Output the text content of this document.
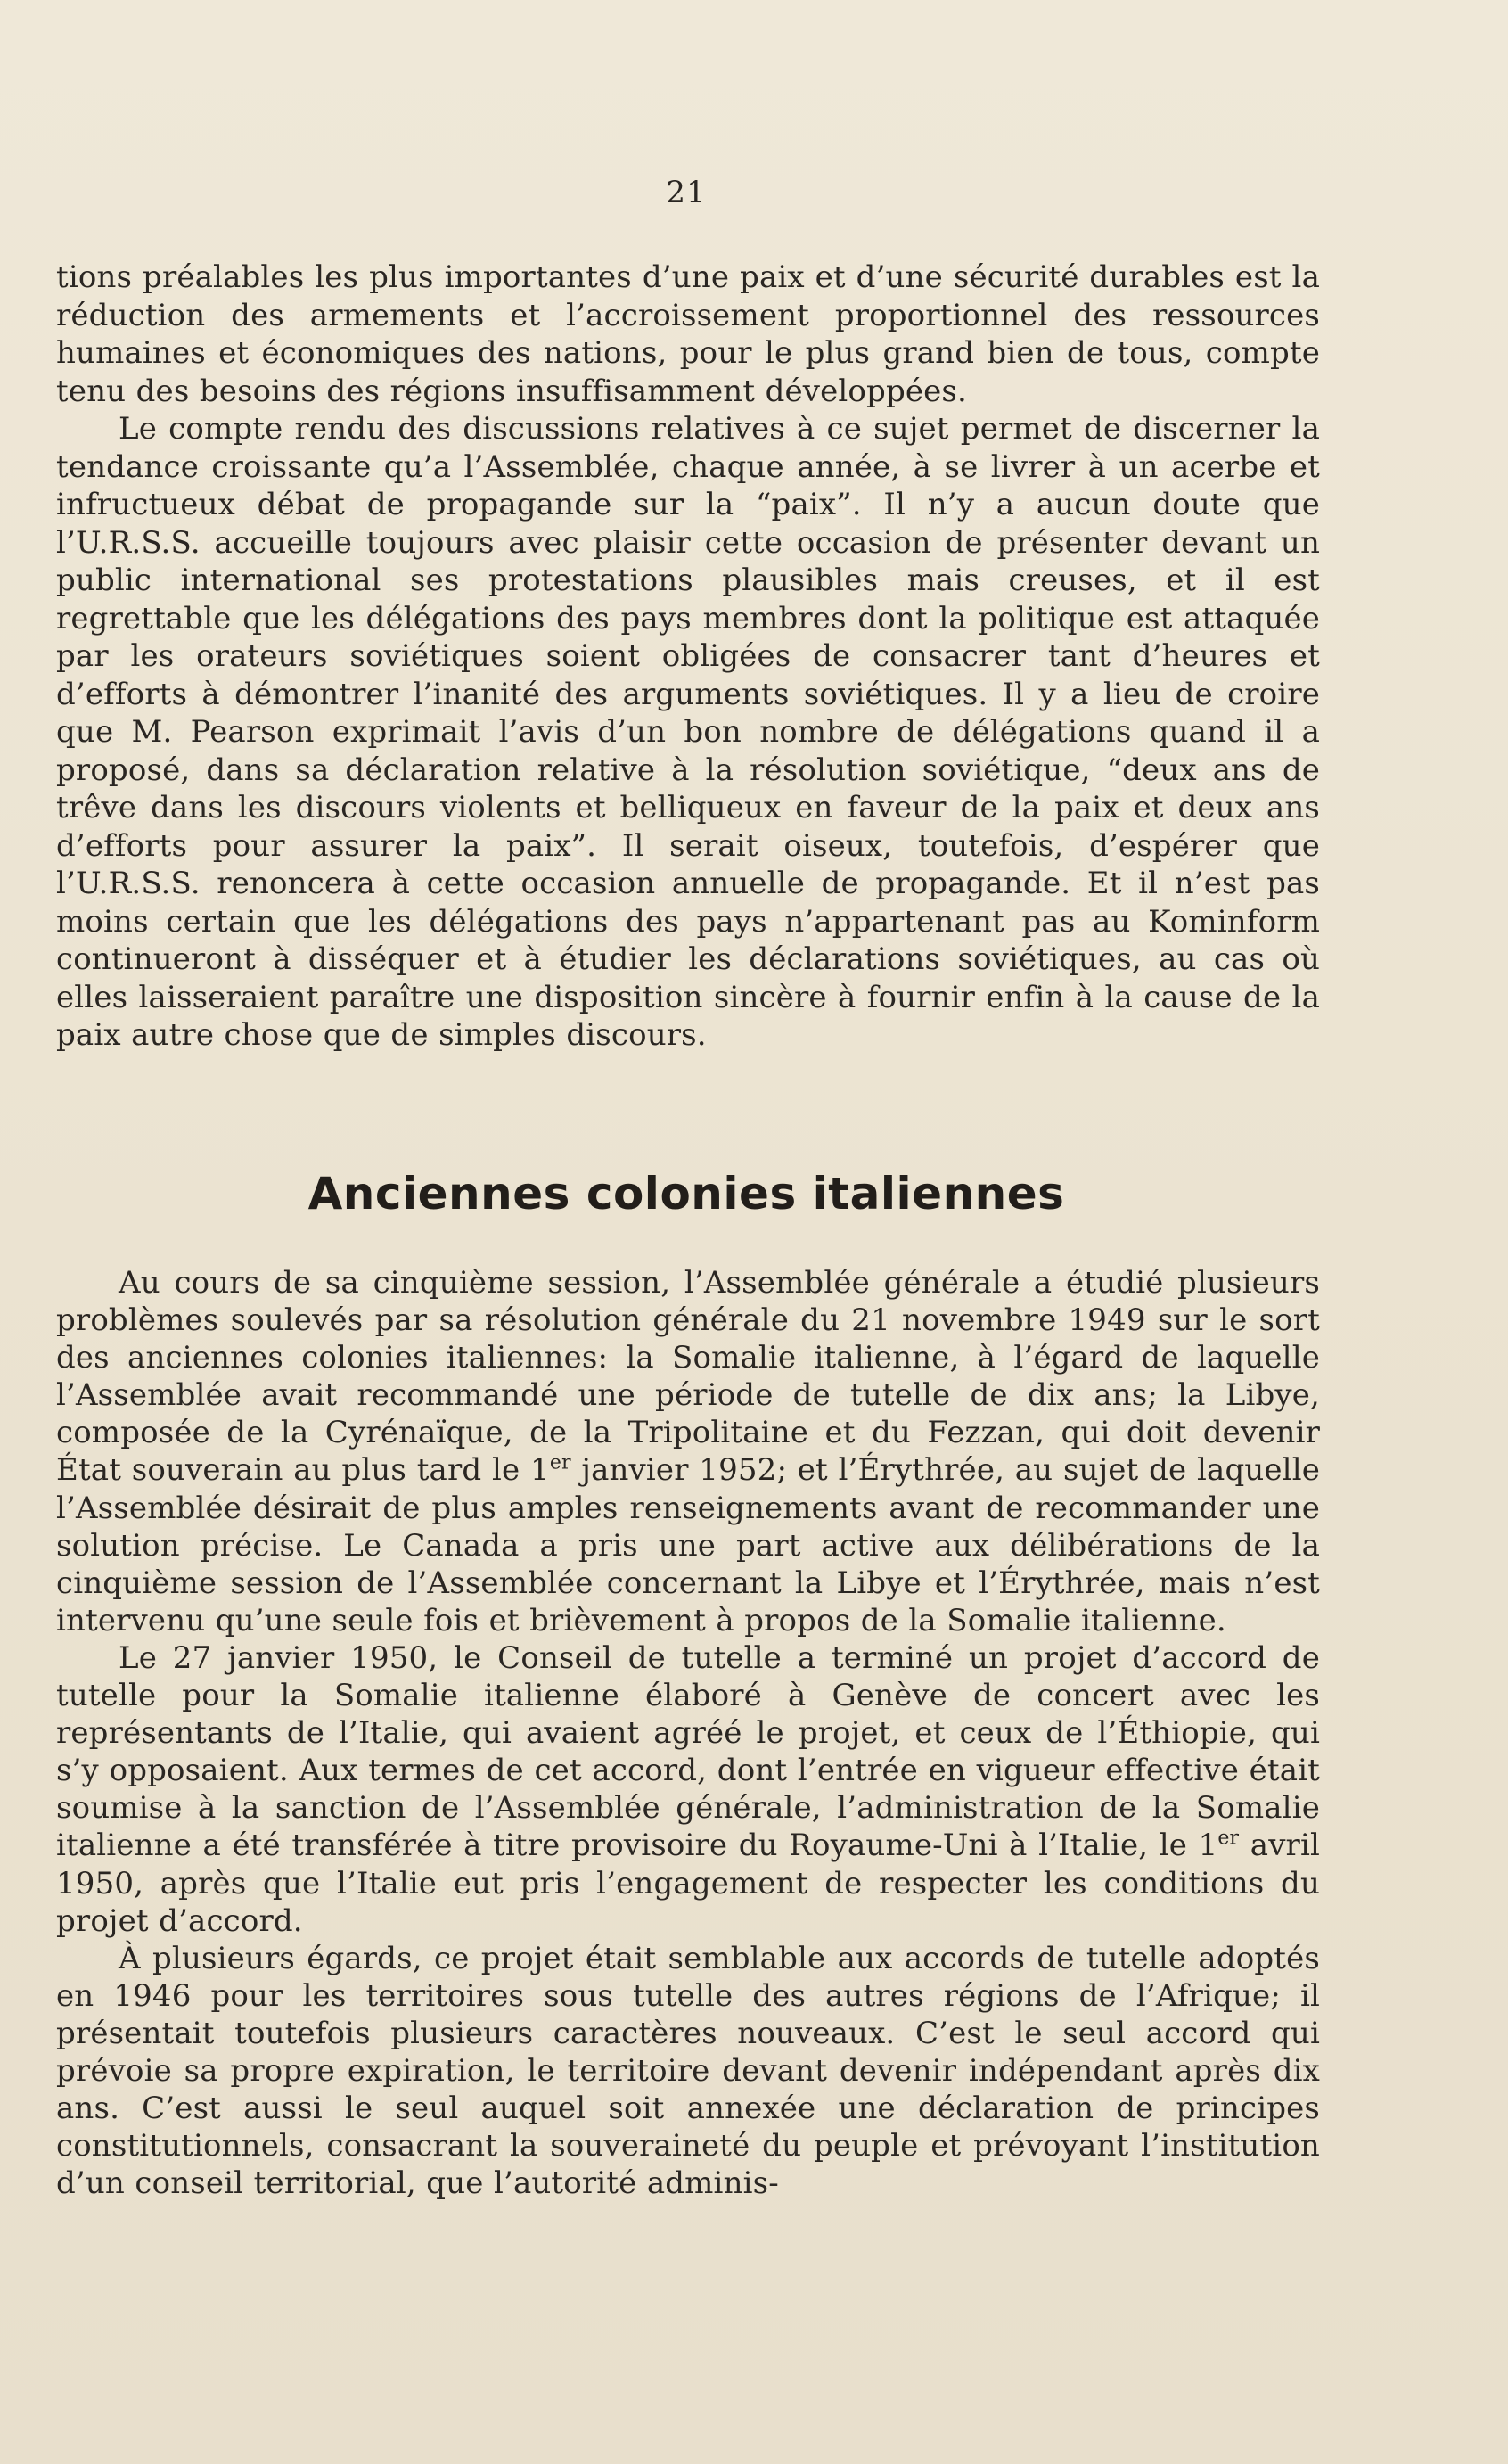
21

tions préalables les plus importantes d’une paix et d’une sécurité durables est la réduction des armements et l’accroissement proportionnel des ressources humaines et économiques des nations, pour le plus grand bien de tous, compte tenu des besoins des régions insuffisamment développées.

Le compte rendu des discussions relatives à ce sujet permet de discerner la tendance croissante qu’a l’Assemblée, chaque année, à se livrer à un acerbe et infructueux débat de propagande sur la “paix”. Il n’y a aucun doute que l’U.R.S.S. accueille toujours avec plaisir cette occasion de présenter devant un public international ses protestations plausibles mais creuses, et il est regrettable que les délégations des pays membres dont la politique est attaquée par les orateurs soviétiques soient obligées de consacrer tant d’heures et d’efforts à démontrer l’inanité des arguments soviétiques. Il y a lieu de croire que M. Pearson exprimait l’avis d’un bon nombre de délégations quand il a proposé, dans sa déclaration relative à la résolution soviétique, “deux ans de trêve dans les discours violents et belliqueux en faveur de la paix et deux ans d’efforts pour assurer la paix”. Il serait oiseux, toutefois, d’espérer que l’U.R.S.S. renoncera à cette occasion annuelle de propagande. Et il n’est pas moins certain que les délégations des pays n’appartenant pas au Kominform continueront à disséquer et à étudier les déclarations soviétiques, au cas où elles laisseraient paraître une disposition sincère à fournir enfin à la cause de la paix autre chose que de simples discours.

Anciennes colonies italiennes

Au cours de sa cinquième session, l’Assemblée générale a étudié plusieurs problèmes soulevés par sa résolution générale du 21 novembre 1949 sur le sort des anciennes colonies italiennes: la Somalie italienne, à l’égard de laquelle l’Assemblée avait recommandé une période de tutelle de dix ans; la Libye, composée de la Cyrénaïque, de la Tripolitaine et du Fezzan, qui doit devenir État souverain au plus tard le 1er janvier 1952; et l’Érythrée, au sujet de laquelle l’Assemblée désirait de plus amples renseignements avant de recommander une solution précise. Le Canada a pris une part active aux délibérations de la cinquième session de l’Assemblée concernant la Libye et l’Érythrée, mais n’est intervenu qu’une seule fois et brièvement à propos de la Somalie italienne.

Le 27 janvier 1950, le Conseil de tutelle a terminé un projet d’accord de tutelle pour la Somalie italienne élaboré à Genève de concert avec les représentants de l’Italie, qui avaient agréé le projet, et ceux de l’Éthiopie, qui s’y opposaient. Aux termes de cet accord, dont l’entrée en vigueur effective était soumise à la sanction de l’Assemblée générale, l’administration de la Somalie italienne a été transférée à titre provisoire du Royaume-Uni à l’Italie, le 1er avril 1950, après que l’Italie eut pris l’engagement de respecter les conditions du projet d’accord.

À plusieurs égards, ce projet était semblable aux accords de tutelle adoptés en 1946 pour les territoires sous tutelle des autres régions de l’Afrique; il présentait toutefois plusieurs caractères nouveaux. C’est le seul accord qui prévoie sa propre expiration, le territoire devant devenir indépendant après dix ans. C’est aussi le seul auquel soit annexée une déclaration de principes constitutionnels, consacrant la souveraineté du peuple et prévoyant l’institution d’un conseil territorial, que l’autorité adminis-
